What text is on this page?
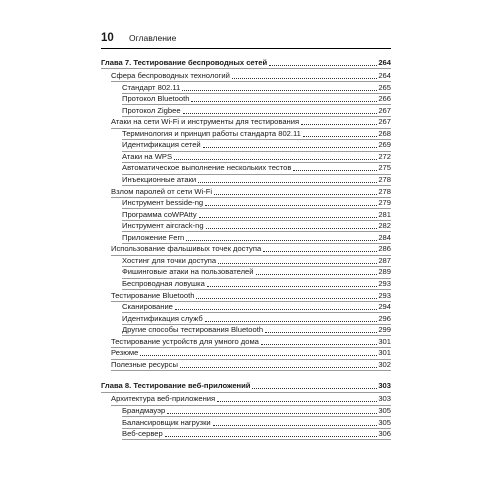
10 Оглавление
Глава 7. Тестирование беспроводных сетей	264
Сфера беспроводных технологий	264
Стандарт 802.11	265
Протокол Bluetooth	266
Протокол Zigbee	267
Атаки на сети Wi-Fi и инструменты для тестирования	267
Терминология и принцип работы стандарта 802.11	268
Идентификация сетей	269
Атаки на WPS	272
Автоматическое выполнение нескольких тестов	275
Инъекционные атаки	278
Взлом паролей от сети Wi-Fi	278
Инструмент besside-ng	279
Программа coWPAtty	281
Инструмент aircrack-ng	282
Приложение Fern	284
Использование фальшивых точек доступа	286
Хостинг для точки доступа	287
Фишинговые атаки на пользователей	289
Беспроводная ловушка	293
Тестирование Bluetooth	293
Сканирование	294
Идентификация служб	296
Другие способы тестирования Bluetooth	299
Тестирование устройств для умного дома	301
Резюме	301
Полезные ресурсы	302
Глава 8. Тестирование веб-приложений	303
Архитектура веб-приложения	303
Брандмауэр	305
Балансировщик нагрузки	305
Веб-сервер	306
